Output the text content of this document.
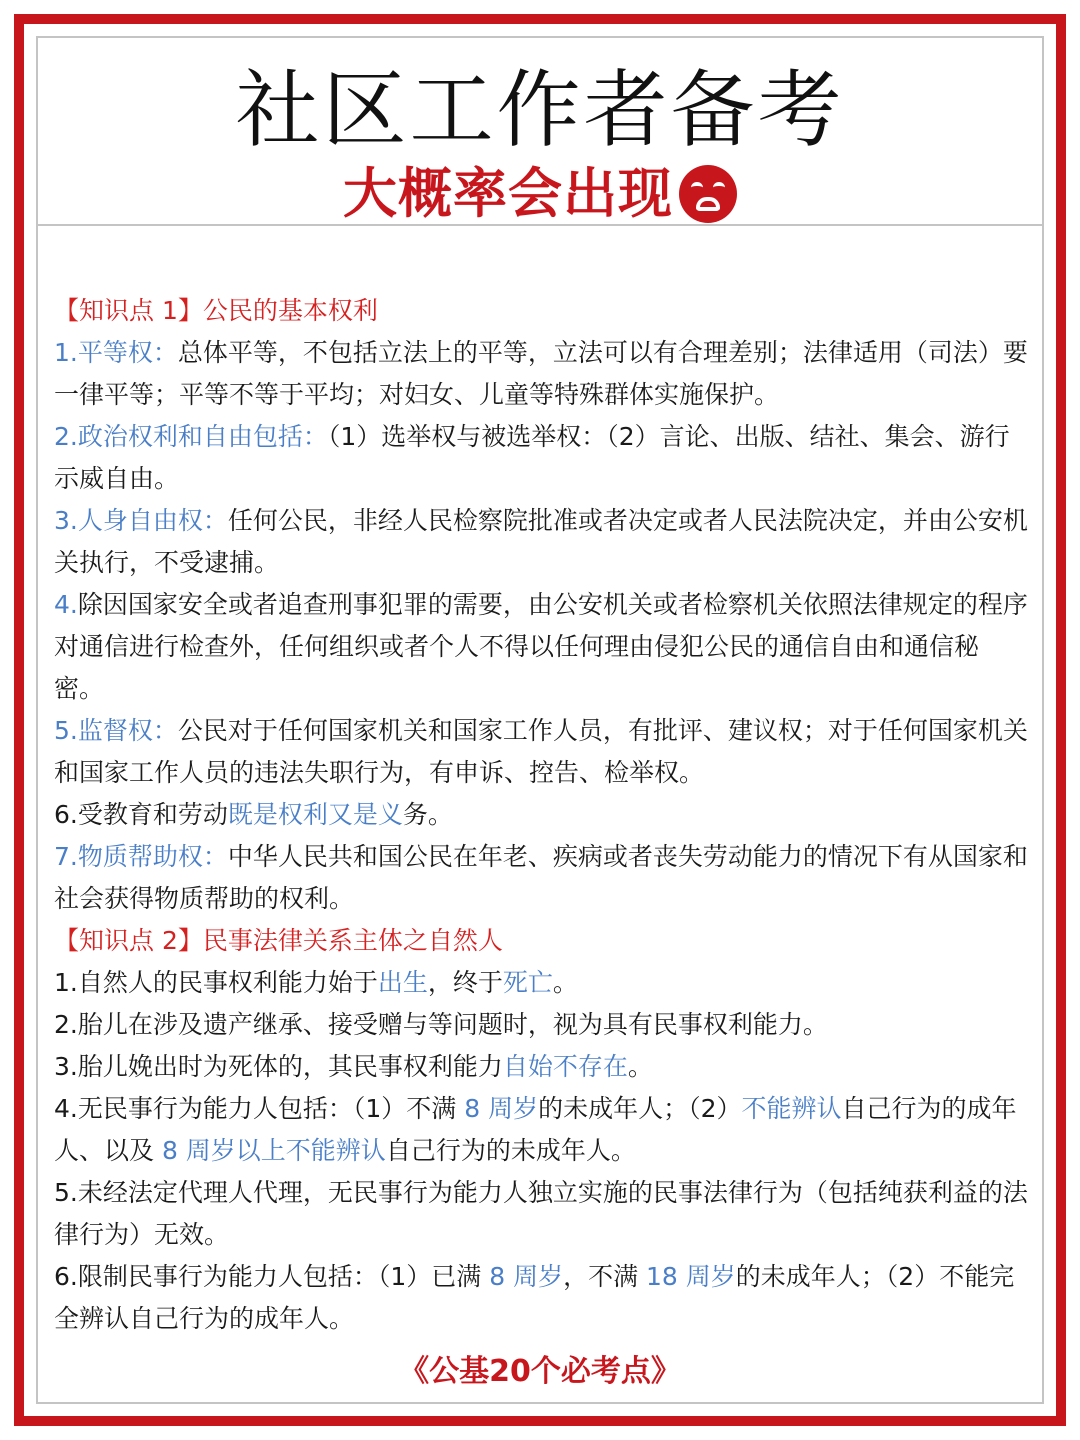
社区工作者备考
大概率会出现

【知识点 1】公民的基本权利

1.平等权：总体平等，不包括立法上的平等，立法可以有合理差别；法律适用（司法）要一律平等；平等不等于平均；对妇女、儿童等特殊群体实施保护。

2.政治权利和自由包括：（1）选举权与被选举权：（2）言论、出版、结社、集会、游行示威自由。

3.人身自由权：任何公民，非经人民检察院批准或者决定或者人民法院决定，并由公安机关执行，不受逮捕。

4.除因国家安全或者追查刑事犯罪的需要，由公安机关或者检察机关依照法律规定的程序对通信进行检查外，任何组织或者个人不得以任何理由侵犯公民的通信自由和通信秘密。

5.监督权：公民对于任何国家机关和国家工作人员，有批评、建议权；对于任何国家机关和国家工作人员的违法失职行为，有申诉、控告、检举权。

6.受教育和劳动既是权利又是义务。

7.物质帮助权：中华人民共和国公民在年老、疾病或者丧失劳动能力的情况下有从国家和社会获得物质帮助的权利。

【知识点 2】民事法律关系主体之自然人

1.自然人的民事权利能力始于出生，终于死亡。

2.胎儿在涉及遗产继承、接受赠与等问题时，视为具有民事权利能力。

3.胎儿娩出时为死体的，其民事权利能力自始不存在。

4.无民事行为能力人包括：（1）不满 8 周岁的未成年人；（2）不能辨认自己行为的成年人、以及 8 周岁以上不能辨认自己行为的未成年人。

5.未经法定代理人代理，无民事行为能力人独立实施的民事法律行为（包括纯获利益的法律行为）无效。

6.限制民事行为能力人包括：（1）已满 8 周岁，不满 18 周岁的未成年人；（2）不能完全辨认自己行为的成年人。

《公基20个必考点》
